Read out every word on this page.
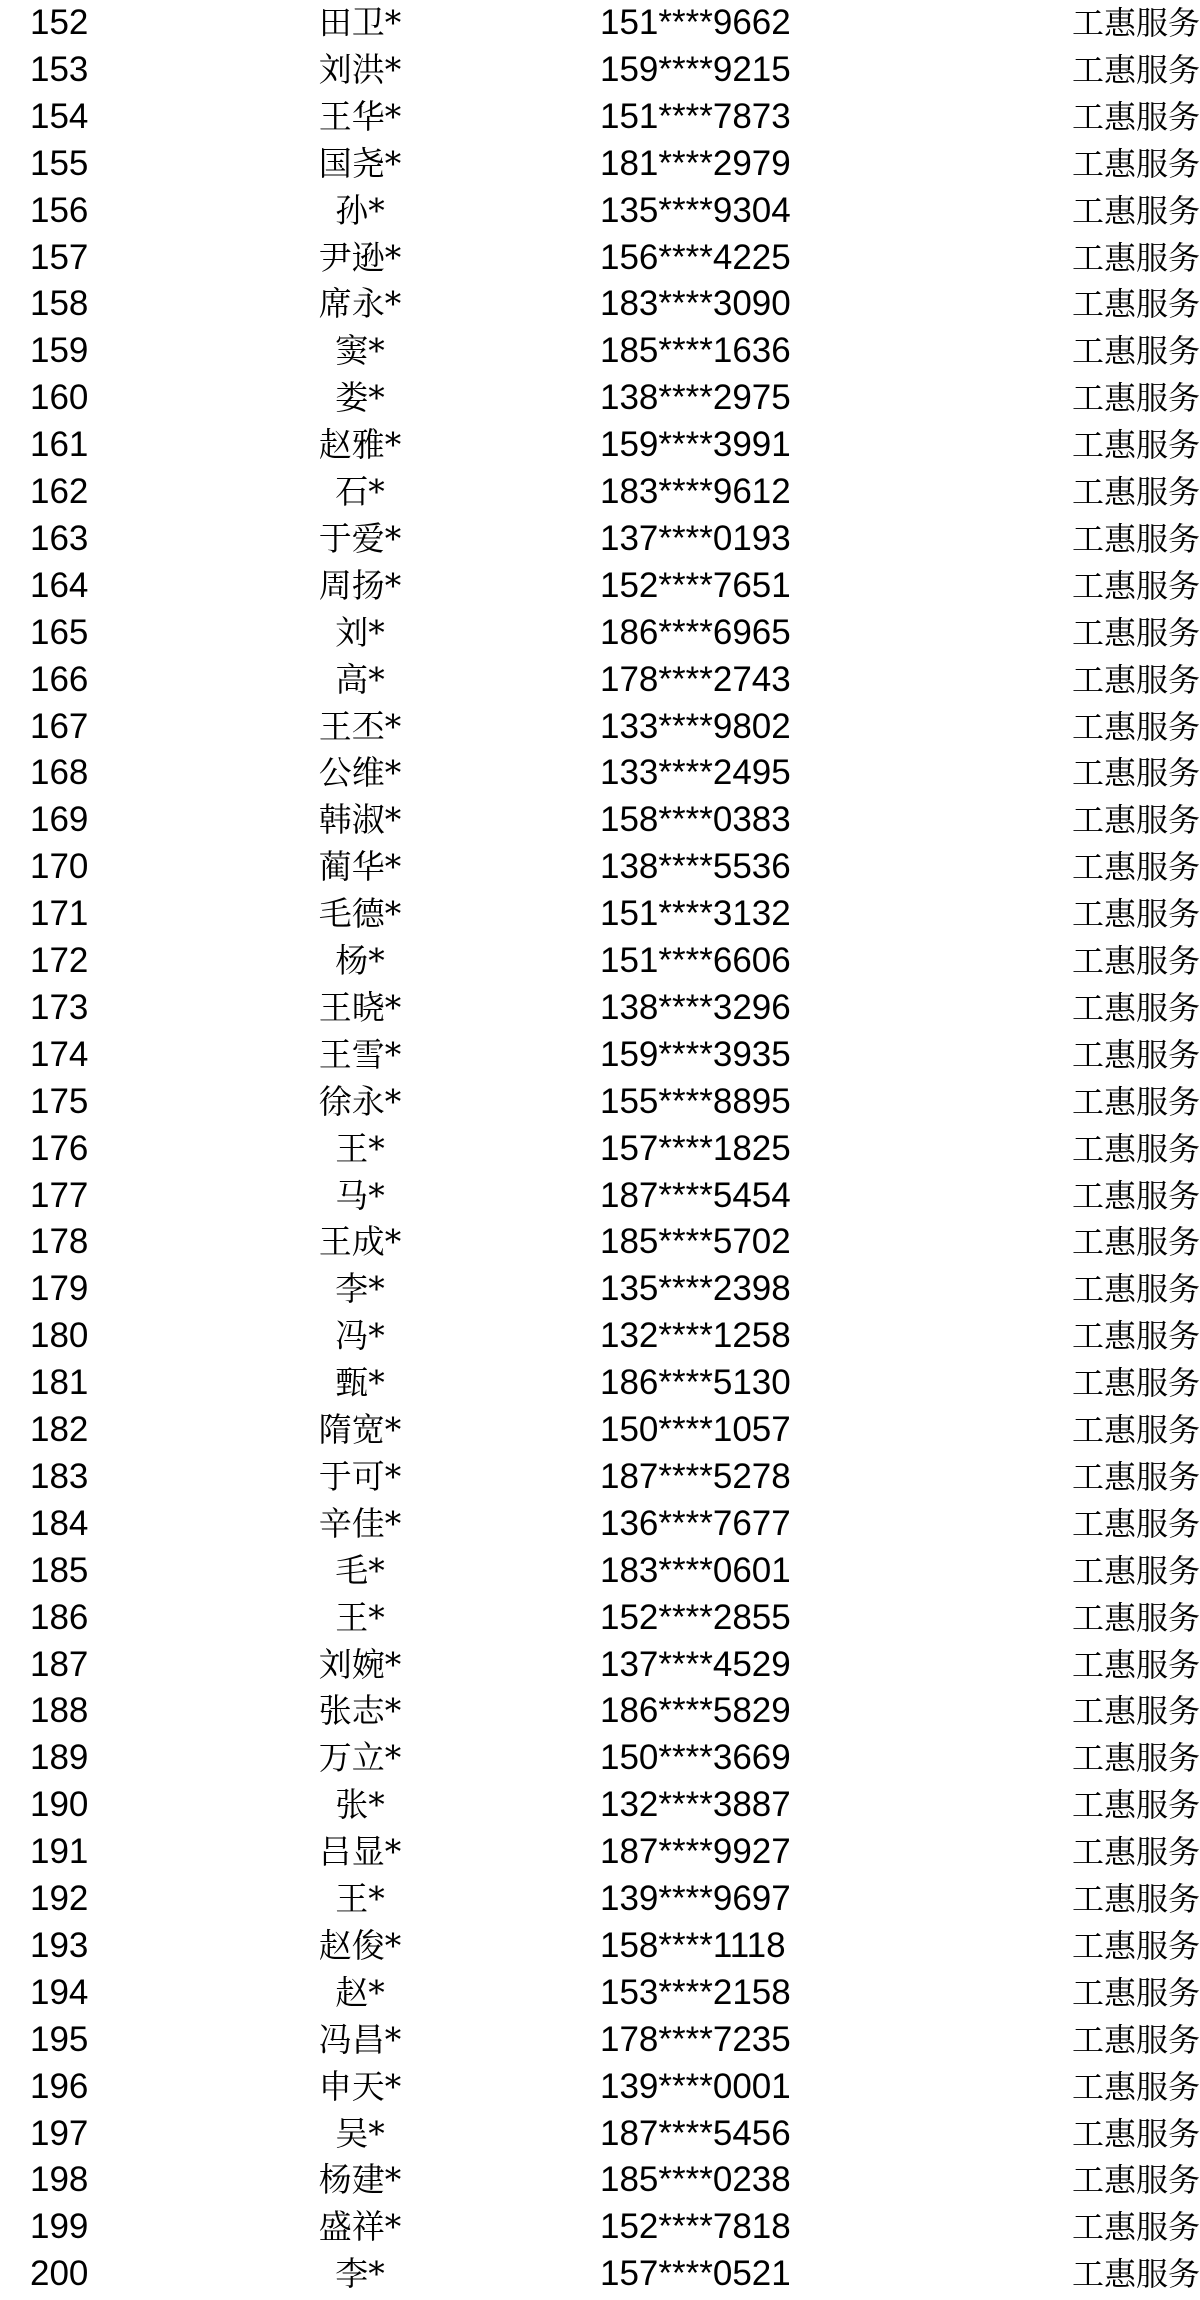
152	田卫*	151****9662	工惠服务
153	刘洪*	159****9215	工惠服务
154	王华*	151****7873	工惠服务
155	国尧*	181****2979	工惠服务
156	孙*	135****9304	工惠服务
157	尹逊*	156****4225	工惠服务
158	席永*	183****3090	工惠服务
159	窦*	185****1636	工惠服务
160	娄*	138****2975	工惠服务
161	赵雅*	159****3991	工惠服务
162	石*	183****9612	工惠服务
163	于爱*	137****0193	工惠服务
164	周扬*	152****7651	工惠服务
165	刘*	186****6965	工惠服务
166	高*	178****2743	工惠服务
167	王丕*	133****9802	工惠服务
168	公维*	133****2495	工惠服务
169	韩淑*	158****0383	工惠服务
170	蔺华*	138****5536	工惠服务
171	毛德*	151****3132	工惠服务
172	杨*	151****6606	工惠服务
173	王晓*	138****3296	工惠服务
174	王雪*	159****3935	工惠服务
175	徐永*	155****8895	工惠服务
176	王*	157****1825	工惠服务
177	马*	187****5454	工惠服务
178	王成*	185****5702	工惠服务
179	李*	135****2398	工惠服务
180	冯*	132****1258	工惠服务
181	甄*	186****5130	工惠服务
182	隋宽*	150****1057	工惠服务
183	于可*	187****5278	工惠服务
184	辛佳*	136****7677	工惠服务
185	毛*	183****0601	工惠服务
186	王*	152****2855	工惠服务
187	刘婉*	137****4529	工惠服务
188	张志*	186****5829	工惠服务
189	万立*	150****3669	工惠服务
190	张*	132****3887	工惠服务
191	吕显*	187****9927	工惠服务
192	王*	139****9697	工惠服务
193	赵俊*	158****1118	工惠服务
194	赵*	153****2158	工惠服务
195	冯昌*	178****7235	工惠服务
196	申天*	139****0001	工惠服务
197	吴*	187****5456	工惠服务
198	杨建*	185****0238	工惠服务
199	盛祥*	152****7818	工惠服务
200	李*	157****0521	工惠服务
